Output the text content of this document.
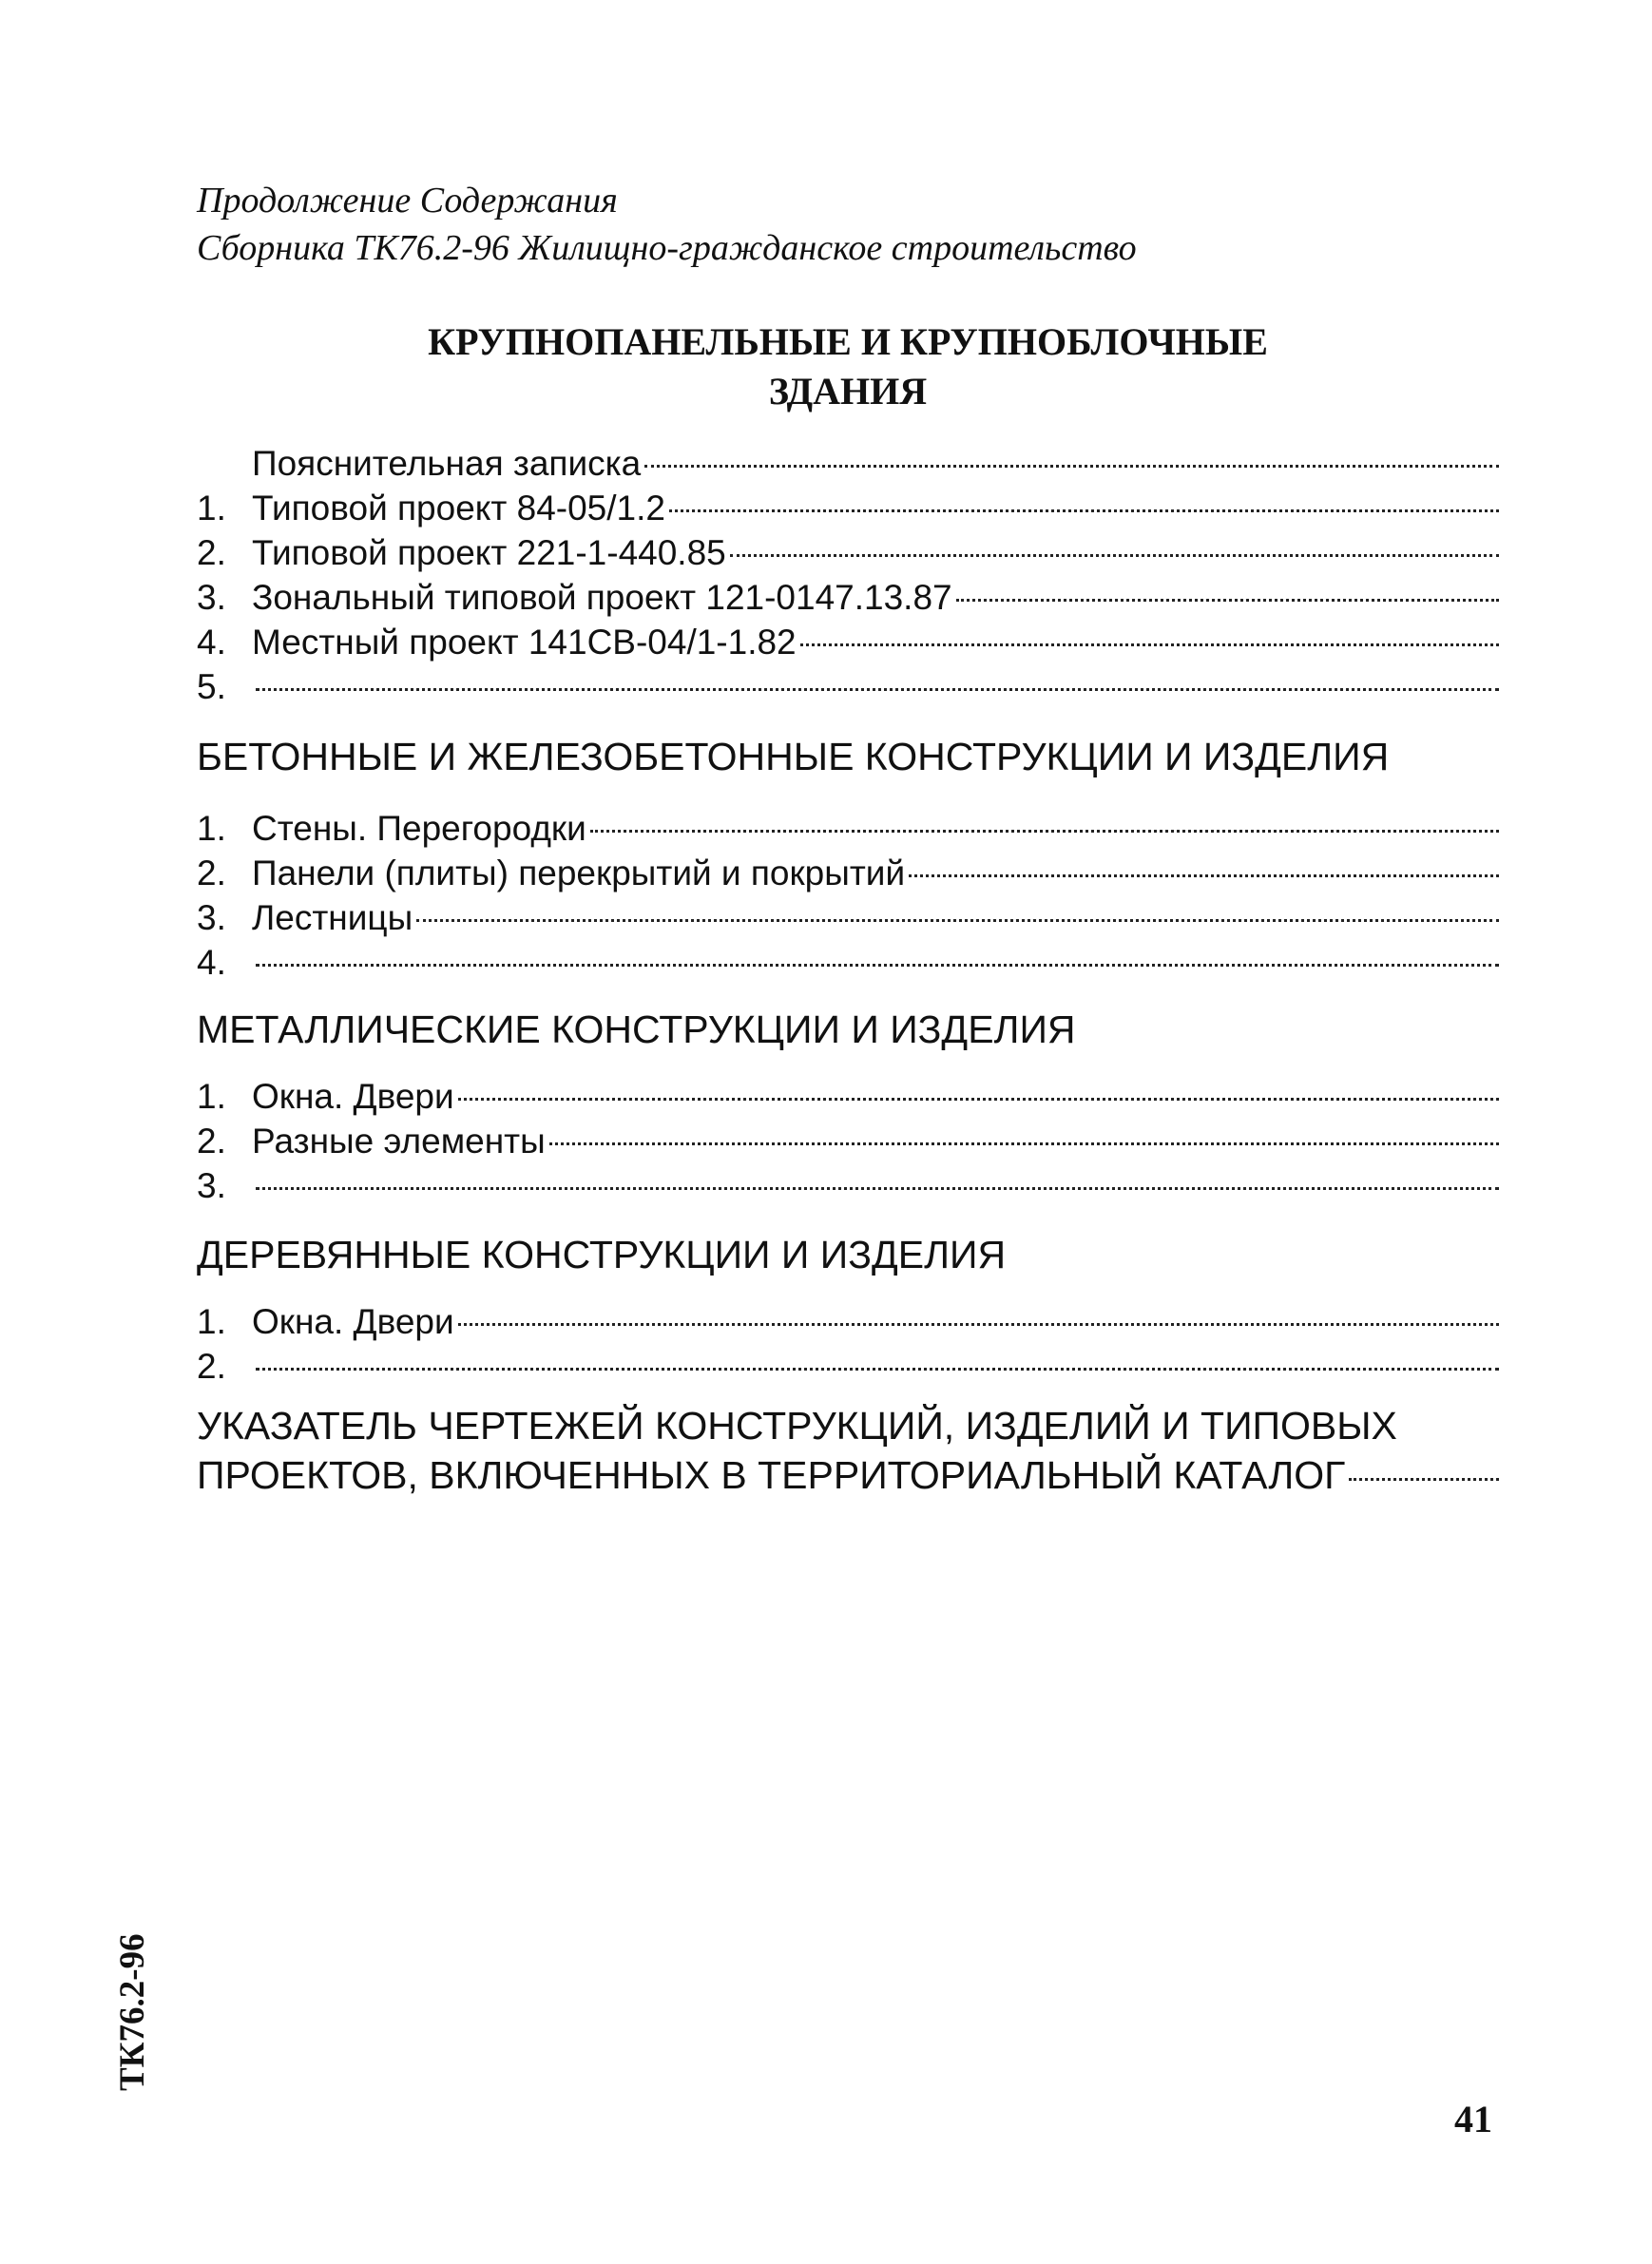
Продолжение Содержания
Сборника ТК76.2-96 Жилищно-гражданское строительство
КРУПНОПАНЕЛЬНЫЕ И КРУПНОБЛОЧНЫЕ
ЗДАНИЯ
Пояснительная записка
1. Типовой проект 84-05/1.2
2. Типовой проект 221-1-440.85
3. Зональный типовой проект 121-0147.13.87
4. Местный проект 141СВ-04/1-1.82
5.
БЕТОННЫЕ И ЖЕЛЕЗОБЕТОННЫЕ КОНСТРУКЦИИ И ИЗДЕЛИЯ
1. Стены. Перегородки
2. Панели (плиты) перекрытий и покрытий
3. Лестницы
4.
МЕТАЛЛИЧЕСКИЕ КОНСТРУКЦИИ И ИЗДЕЛИЯ
1. Окна. Двери
2. Разные элементы
3.
ДЕРЕВЯННЫЕ КОНСТРУКЦИИ И ИЗДЕЛИЯ
1. Окна. Двери
2.
УКАЗАТЕЛЬ ЧЕРТЕЖЕЙ КОНСТРУКЦИЙ, ИЗДЕЛИЙ И ТИПОВЫХ
ПРОЕКТОВ, ВКЛЮЧЕННЫХ В ТЕРРИТОРИАЛЬНЫЙ КАТАЛОГ
ТК76.2-96
41
